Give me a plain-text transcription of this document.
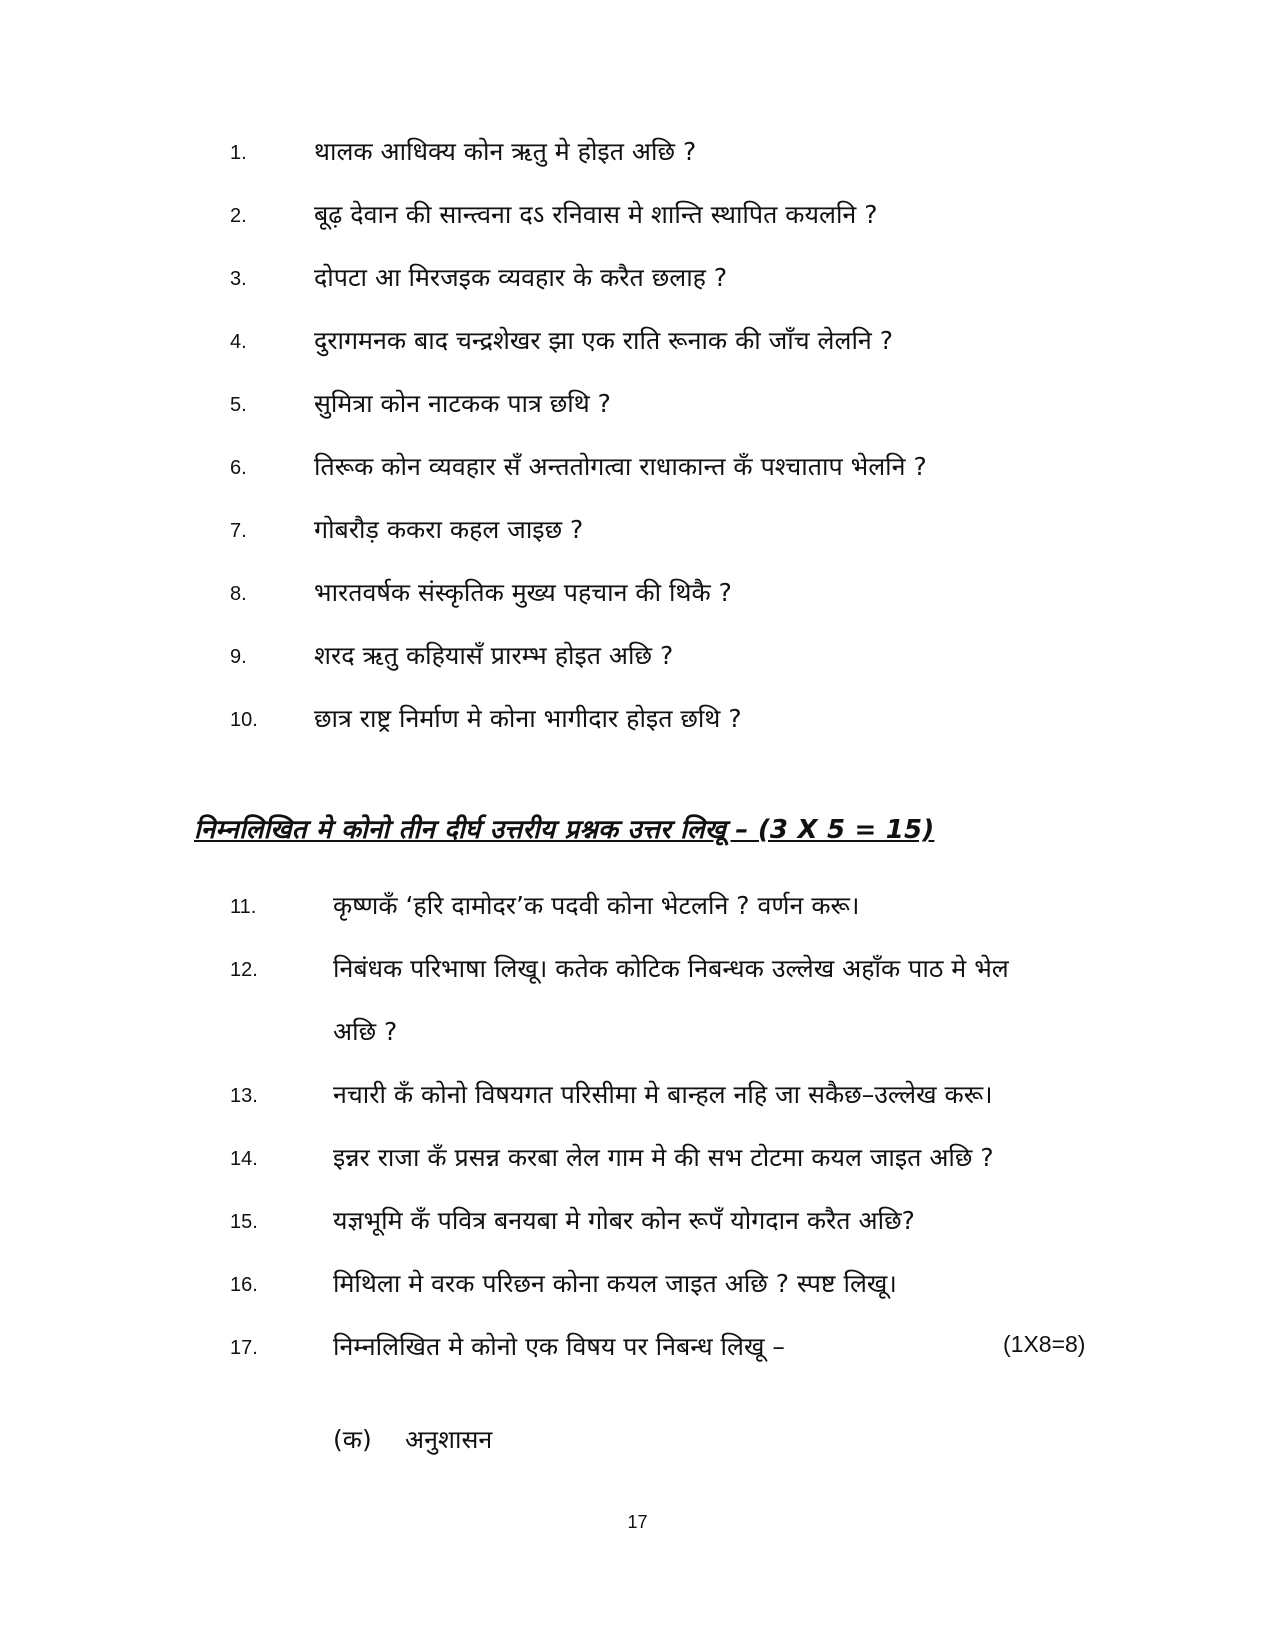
1.	थालक आधिक्य कोन ऋतु मे होइत अछि ?
2.	बूढ़ देवान की सान्त्वना दऽ रनिवास मे शान्ति स्थापित कयलनि ?
3.	दोपटा आ मिरजइक व्यवहार के करैत छलाह ?
4.	दुरागमनक बाद चन्द्रशेखर झा एक राति रूनाक की जाँच लेलनि ?
5.	सुमित्रा कोन नाटकक पात्र छथि ?
6.	तिरूक कोन व्यवहार सँ अन्ततोगत्वा राधाकान्त कँ पश्चाताप भेलनि ?
7.	गोबरौड़ ककरा कहल जाइछ ?
8.	भारतवर्षक संस्कृतिक मुख्य पहचान की थिकै ?
9.	शरद ऋतु कहियासँ प्रारम्भ होइत अछि ?
10. छात्र राष्ट्र निर्माण मे कोना भागीदार होइत छथि ?
निम्नलिखित मे कोनो तीन दीर्घ उत्तरीय प्रश्नक उत्तर लिखू – (3 X 5 = 15)
11.	कृष्णकँ ‘हरि दामोदर’क पदवी कोना भेटलनि ? वर्णन करू।
12.	निबंधक परिभाषा लिखू। कतेक कोटिक निबन्धक उल्लेख अहाँक पाठ मे भेल
अछि ?
13.	नचारी कँ कोनो विषयगत परिसीमा मे बान्हल नहि जा सकैछ–उल्लेख करू।
14.	इन्नर राजा कँ प्रसन्न करबा लेल गाम मे की सभ टोटमा कयल जाइत अछि ?
15.	यज्ञभूमि कँ पवित्र बनयबा मे गोबर कोन रूपँ योगदान करैत अछि?
16.	मिथिला मे वरक परिछन कोना कयल जाइत अछि ? स्पष्ट लिखू।
17.	निम्नलिखित मे कोनो एक विषय पर निबन्ध लिखू –	(1X8=8)
(क) अनुशासन
17
